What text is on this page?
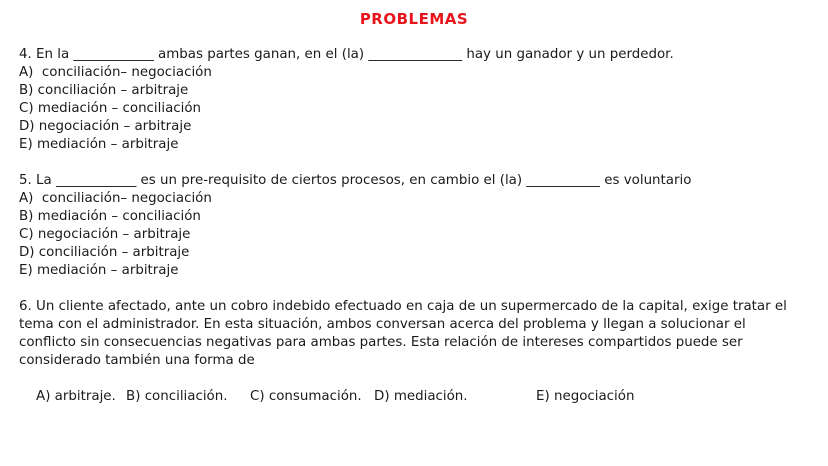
PROBLEMAS
4. En la ____________ ambas partes ganan, en el (la) ______________ hay un ganador y un perdedor.
A)  conciliación– negociación
B) conciliación – arbitraje
C) mediación – conciliación
D) negociación – arbitraje
E) mediación – arbitraje
5. La ____________ es un pre-requisito de ciertos procesos, en cambio el (la) ___________ es voluntario
A)  conciliación– negociación
B) mediación – conciliación
C) negociación – arbitraje
D) conciliación – arbitraje
E) mediación – arbitraje
6. Un cliente afectado, ante un cobro indebido efectuado en caja de un supermercado de la capital, exige tratar el
tema con el administrador. En esta situación, ambos conversan acerca del problema y llegan a solucionar el
conflicto sin consecuencias negativas para ambas partes. Esta relación de intereses compartidos puede ser
considerado también una forma de

A) arbitraje. B) conciliación. C) consumación. D) mediación.	E) negociación
